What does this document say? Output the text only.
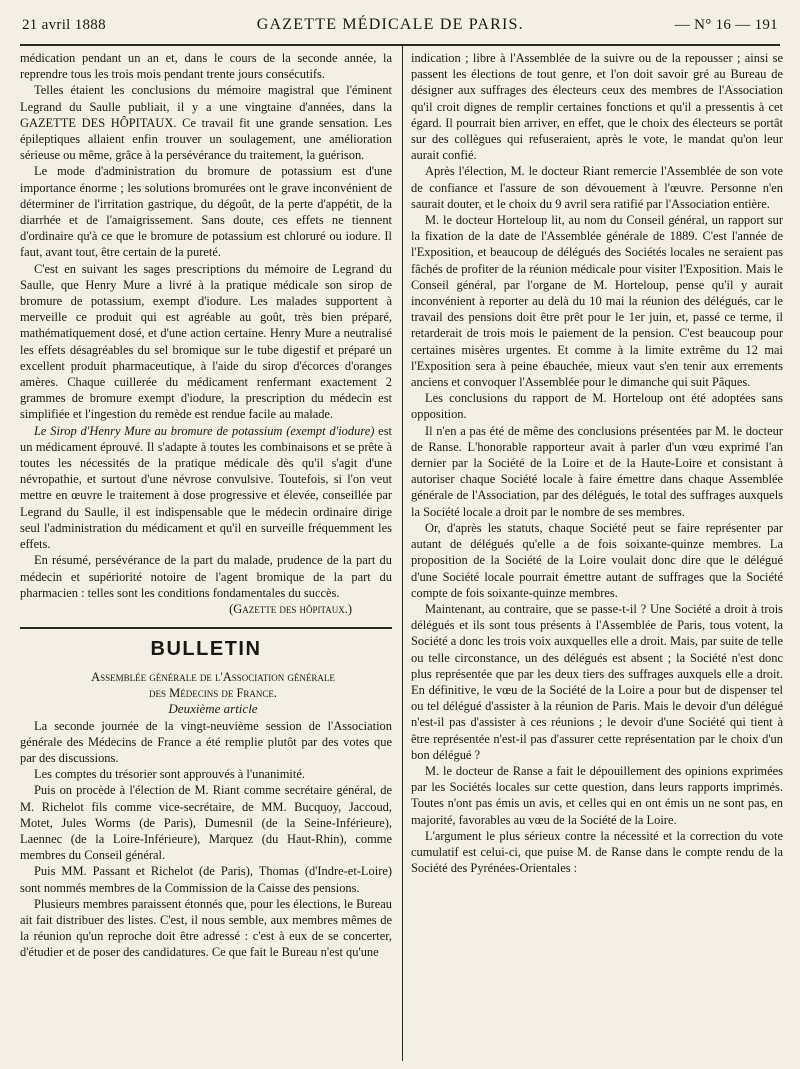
21 avril 1888	GAZETTE MÉDICALE DE PARIS.	— N° 16 — 191

médication pendant un an et, dans le cours de la seconde année, la reprendre tous les trois mois pendant trente jours consécutifs.

Telles étaient les conclusions du mémoire magistral que l'éminent Legrand du Saulle publiait, il y a une vingtaine d'années, dans la GAZETTE DES HÔPITAUX. Ce travail fit une grande sensation. Les épileptiques allaient enfin trouver un soulagement, une amélioration sérieuse ou même, grâce à la persévérance du traitement, la guérison.

Le mode d'administration du bromure de potassium est d'une importance énorme ; les solutions bromurées ont le grave inconvénient de déterminer de l'irritation gastrique, du dégoût, de la perte d'appétit, de la diarrhée et de l'amaigrissement. Sans doute, ces effets ne tiennent d'ordinaire qu'à ce que le bromure de potassium est chloruré ou iodure. Il faut, avant tout, être certain de la pureté.

C'est en suivant les sages prescriptions du mémoire de Legrand du Saulle, que Henry Mure a livré à la pratique médicale son sirop de bromure de potassium, exempt d'iodure. Les malades supportent à merveille ce produit qui est agréable au goût, très bien préparé, mathématiquement dosé, et d'une action certaine. Henry Mure a neutralisé les effets désagréables du sel bromique sur le tube digestif et préparé un excellent produit pharmaceutique, à l'aide du sirop d'écorces d'oranges amères. Chaque cuillerée du médicament renfermant exactement 2 grammes de bromure exempt d'iodure, la prescription du médecin est simplifiée et l'ingestion du remède est rendue facile au malade.

Le Sirop d'Henry Mure au bromure de potassium (exempt d'iodure) est un médicament éprouvé. Il s'adapte à toutes les combinaisons et se prête à toutes les nécessités de la pratique médicale dès qu'il s'agit d'une névropathie, et surtout d'une névrose convulsive. Toutefois, si l'on veut mettre en œuvre le traitement à dose progressive et élevée, conseillée par Legrand du Saulle, il est indispensable que le médecin ordinaire dirige seul l'administration du médicament et qu'il en surveille fréquemment les effets.

En résumé, persévérance de la part du malade, prudence de la part du médecin et supériorité notoire de l'agent bromique de la part du pharmacien : telles sont les conditions fondamentales du succès.

(Gazette des hôpitaux.)

BULLETIN

Assemblée générale de l'Association générale

des Médecins de France.

Deuxième article

La seconde journée de la vingt-neuvième session de l'Association générale des Médecins de France a été remplie plutôt par des votes que par des discussions.

Les comptes du trésorier sont approuvés à l'unanimité.

Puis on procède à l'élection de M. Riant comme secrétaire général, de M. Richelot fils comme vice-secrétaire, de MM. Bucquoy, Jaccoud, Motet, Jules Worms (de Paris), Dumesnil (de la Seine-Inférieure), Laennec (de la Loire-Inférieure), Marquez (du Haut-Rhin), comme membres du Conseil général.

Puis MM. Passant et Richelot (de Paris), Thomas (d'Indre-et-Loire) sont nommés membres de la Commission de la Caisse des pensions.

Plusieurs membres paraissent étonnés que, pour les élections, le Bureau ait fait distribuer des listes. C'est, il nous semble, aux membres mêmes de la réunion qu'un reproche doit être adressé : c'est à eux de se concerter, d'étudier et de poser des candidatures. Ce que fait le Bureau n'est qu'une

indication ; libre à l'Assemblée de la suivre ou de la repousser ; ainsi se passent les élections de tout genre, et l'on doit savoir gré au Bureau de désigner aux suffrages des électeurs ceux des membres de l'Association qu'il croit dignes de remplir certaines fonctions et qu'il a pressentis à cet égard. Il pourrait bien arriver, en effet, que le choix des électeurs se portât sur des collègues qui refuseraient, après le vote, le mandat qu'on leur aurait confié.

Après l'élection, M. le docteur Riant remercie l'Assemblée de son vote de confiance et l'assure de son dévouement à l'œuvre. Personne n'en saurait douter, et le choix du 9 avril sera ratifié par l'Association entière.

M. le docteur Horteloup lit, au nom du Conseil général, un rapport sur la fixation de la date de l'Assemblée générale de 1889. C'est l'année de l'Exposition, et beaucoup de délégués des Sociétés locales ne seraient pas fâchés de profiter de la réunion médicale pour visiter l'Exposition. Mais le Conseil général, par l'organe de M. Horteloup, pense qu'il y aurait inconvénient à reporter au delà du 10 mai la réunion des délégués, car le travail des pensions doit être prêt pour le 1er juin, et, passé ce terme, il retarderait de trois mois le paiement de la pension. C'est beaucoup pour certaines misères urgentes. Et comme à la limite extrême du 12 mai l'Exposition sera à peine ébauchée, mieux vaut s'en tenir aux errements anciens et convoquer l'Assemblée pour le dimanche qui suit Pâques.

Les conclusions du rapport de M. Horteloup ont été adoptées sans opposition.

Il n'en a pas été de même des conclusions présentées par M. le docteur de Ranse. L'honorable rapporteur avait à parler d'un vœu exprimé l'an dernier par la Société de la Loire et de la Haute-Loire et consistant à autoriser chaque Société locale à faire émettre dans chaque Assemblée générale de l'Association, par des délégués, le total des suffrages auxquels la Société locale a droit par le nombre de ses membres.

Or, d'après les statuts, chaque Société peut se faire représenter par autant de délégués qu'elle a de fois soixante-quinze membres. La proposition de la Société de la Loire voulait donc dire que le délégué d'une Société locale pourrait émettre autant de suffrages que la Société compte de fois soixante-quinze membres.

Maintenant, au contraire, que se passe-t-il ? Une Société a droit à trois délégués et ils sont tous présents à l'Assemblée de Paris, tous votent, la Société a donc les trois voix auxquelles elle a droit. Mais, par suite de telle ou telle circonstance, un des délégués est absent ; la Société n'est donc plus représentée que par les deux tiers des suffrages auxquels elle a droit. En définitive, le vœu de la Société de la Loire a pour but de dispenser tel ou tel délégué d'assister à la réunion de Paris. Mais le devoir d'un délégué n'est-il pas d'assister à ces réunions ; le devoir d'une Société qui tient à être représentée n'est-il pas d'assurer cette représentation par le choix d'un bon délégué ?

M. le docteur de Ranse a fait le dépouillement des opinions exprimées par les Sociétés locales sur cette question, dans leurs rapports imprimés. Toutes n'ont pas émis un avis, et celles qui en ont émis un ne sont pas, en majorité, favorables au vœu de la Société de la Loire.

L'argument le plus sérieux contre la nécessité et la correction du vote cumulatif est celui-ci, que puise M. de Ranse dans le compte rendu de la Société des Pyrénées-Orientales :
